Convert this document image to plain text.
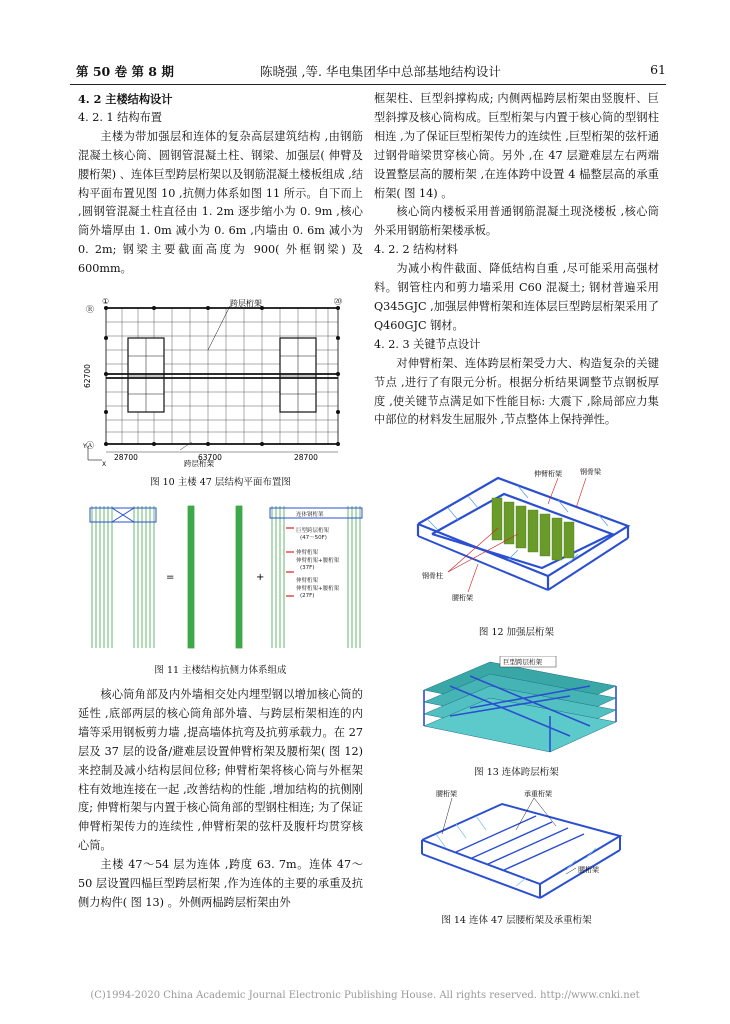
第 50 卷 第 8 期	陈晓强 ,等. 华电集团华中总部基地结构设计	61

4. 2 主楼结构设计

4. 2. 1 结构布置

主楼为带加强层和连体的复杂高层建筑结构 ,由钢筋混凝土核心筒、圆钢管混凝土柱、钢梁、加强层( 伸臂及腰桁架) 、连体巨型跨层桁架以及钢筋混凝土楼板组成 ,结构平面布置见图 10 ,抗侧力体系如图 11 所示。自下而上 ,圆钢管混凝土柱直径由 1. 2m 逐步缩小为 0. 9m ,核心筒外墙厚由 1. 0m 减小为 0. 6m ,内墙由 0. 6m 减小为 0. 2m; 钢梁主要截面高度为 900( 外框钢梁) 及 600mm。

跨层桁架
Ⓡ
Ⓐ
①	⑳
62700
28700	63700	28700
跨层桁架
Y
X
图 10 主楼 47 层结构平面布置图
=	+
连体钢桁架
巨型跨层桁架
(47～50F)
伸臂桁架
伸臂桁架+腰桁架
(37F)
伸臂桁架
伸臂桁架+腰桁架
(27F)
图 11 主楼结构抗侧力体系组成

核心筒角部及内外墙相交处内埋型钢以增加核心筒的延性 ,底部两层的核心筒角部外墙、与跨层桁架相连的内墙等采用钢板剪力墙 ,提高墙体抗弯及抗剪承载力。在 27 层及 37 层的设备/避难层设置伸臂桁架及腰桁架( 图 12) 来控制及减小结构层间位移; 伸臂桁架将核心筒与外框架柱有效地连接在一起 ,改善结构的性能 ,增加结构的抗侧刚度; 伸臂桁架与内置于核心筒角部的型钢柱相连; 为了保证伸臂桁架传力的连续性 ,伸臂桁架的弦杆及腹杆均贯穿核心筒。

主楼 47～54 层为连体 ,跨度 63. 7m。连体 47～50 层设置四榀巨型跨层桁架 ,作为连体的主要的承重及抗侧力构件( 图 13) 。外侧两榀跨层桁架由外

框架柱、巨型斜撑构成; 内侧两榀跨层桁架由竖腹杆、巨型斜撑及核心筒构成。巨型桁架与内置于核心筒的型钢柱相连 ,为了保证巨型桁架传力的连续性 ,巨型桁架的弦杆通过钢骨暗梁贯穿核心筒。另外 ,在 47 层避难层左右两端设置整层高的腰桁架 ,在连体跨中设置 4 榀整层高的承重桁架( 图 14) 。

核心筒内楼板采用普通钢筋混凝土现浇楼板 ,核心筒外采用钢筋桁架楼承板。

4. 2. 2 结构材料

为减小构件截面、降低结构自重 ,尽可能采用高强材料。钢管柱内和剪力墙采用 C60 混凝土; 钢材普遍采用 Q345GJC ,加强层伸臂桁架和连体层巨型跨层桁架采用了 Q460GJC 钢材。

4. 2. 3 关键节点设计

对伸臂桁架、连体跨层桁架受力大、构造复杂的关键节点 ,进行了有限元分析。根据分析结果调整节点钢板厚度 ,使关键节点满足如下性能目标: 大震下 ,除局部应力集中部位的材料发生屈服外 ,节点整体上保持弹性。

伸臂桁架	钢骨梁
钢骨柱
腰桁架
图 12 加强层桁架
巨型跨层桁架
图 13 连体跨层桁架
腰桁架	承重桁架
腰桁架
图 14 连体 47 层腰桁架及承重桁架
(C)1994-2020 China Academic Journal Electronic Publishing House. All rights reserved. http://www.cnki.net
